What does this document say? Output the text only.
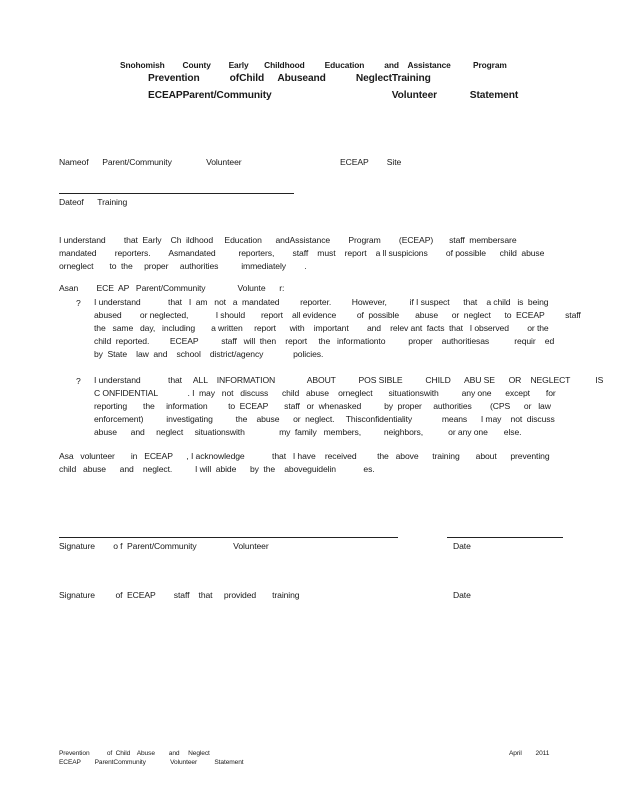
Snohomish        County        Early       Childhood         Education         and    Assistance          Program
Prevention           ofChild     Abuseand           NeglectTraining
ECEAPParent/Community                                            Volunteer            Statement
Nameof      Parent/Community               Volunteer	ECEAP        Site
Dateof      Training
I understand        that  Early    Ch  ildhood     Education      andAssistance        Program        (ECEAP)       staff  membersare
mandated        reporters.        Asmandated          reporters,        staff    must    report    a ll suspicions        of possible      child  abuse
orneglect       to  the     proper     authorities          immediately        .
Asan        ECE  AP   Parent/Community              Volunte      r:
? I understand            that   I  am   not   a  mandated         reporter.         However,          if I suspect      that    a child   is  being
abused        or neglected,            I should       report    all evidence         of  possible       abuse      or  neglect      to  ECEAP         staff
the   same   day,   including       a written     report      with    important        and    relev ant  facts  that   I observed        or the
child  reported.         ECEAP          staff   will  then    report     the   informationto          proper    authoritiesas           requir    ed
by  State    law  and    school    district/agency             policies.
? I understand            that     ALL    INFORMATION              ABOUT          POS SIBLE          CHILD      ABU SE      OR    NEGLECT           IS
C ONFIDENTIAL             . I  may   not   discuss      child   abuse    orneglect       situationswith          any one      except       for
reporting       the     information         to  ECEAP       staff   or  whenasked          by  proper     authorities        (CPS      or   law
enforcement)          investigating          the    abuse      or  neglect.     Thisconfidentiality             means      I may    not  discuss
abuse      and     neglect     situationswith               my  family   members,          neighbors,           or any one       else.
Asa   volunteer       in   ECEAP      , I acknowledge            that   I have    received         the   above      training       about      preventing
child   abuse      and    neglect.          I will  abide      by  the    aboveguidelin            es.
Signature        o f  Parent/Community                Volunteer	Date
Signature         of  ECEAP        staff    that     provided       training	Date
Prevention          of  Child    Abuse        and     Neglect
ECEAP        ParentCommunity              Volunteer          Statement
April        2011
